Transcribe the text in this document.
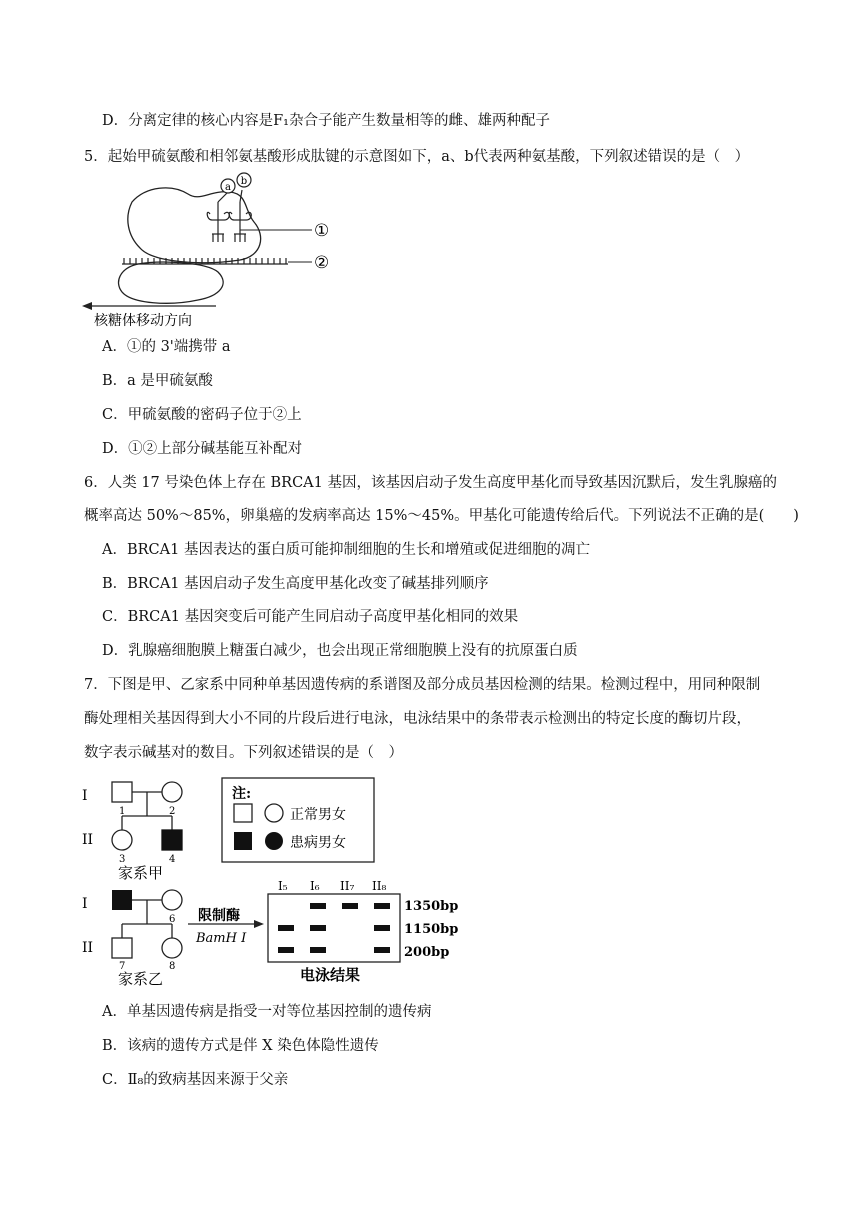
D．分离定律的核心内容是F₁杂合子能产生数量相等的雌、雄两种配子
5．起始甲硫氨酸和相邻氨基酸形成肽键的示意图如下，a、b代表两种氨基酸，下列叙述错误的是（　）
a
b
①
②
核糖体移动方向
A．①的 3'端携带 a
B．a 是甲硫氨酸
C．甲硫氨酸的密码子位于②上
D．①②上部分碱基能互补配对
6．人类 17 号染色体上存在 BRCA1 基因，该基因启动子发生高度甲基化而导致基因沉默后，发生乳腺癌的
概率高达 50%～85%，卵巢癌的发病率高达 15%～45%。甲基化可能遗传给后代。下列说法不正确的是(　　)
A．BRCA1 基因表达的蛋白质可能抑制细胞的生长和增殖或促进细胞的凋亡
B．BRCA1 基因启动子发生高度甲基化改变了碱基排列顺序
C．BRCA1 基因突变后可能产生同启动子高度甲基化相同的效果
D．乳腺癌细胞膜上糖蛋白减少，也会出现正常细胞膜上没有的抗原蛋白质
7．下图是甲、乙家系中同种单基因遗传病的系谱图及部分成员基因检测的结果。检测过程中，用同种限制
酶处理相关基因得到大小不同的片段后进行电泳，电泳结果中的条带表示检测出的特定长度的酶切片段，
数字表示碱基对的数目。下列叙述错误的是（　）
I
II
1	2
3	4
家系甲
注:
正常男女
患病男女
I
II
5	6
7	8
家系乙
限制酶
BamH I
I₅ I₆ II₇ II₈
1350bp
1150bp
200bp
电泳结果
A．单基因遗传病是指受一对等位基因控制的遗传病
B．该病的遗传方式是伴 X 染色体隐性遗传
C．Ⅱ₈的致病基因来源于父亲
